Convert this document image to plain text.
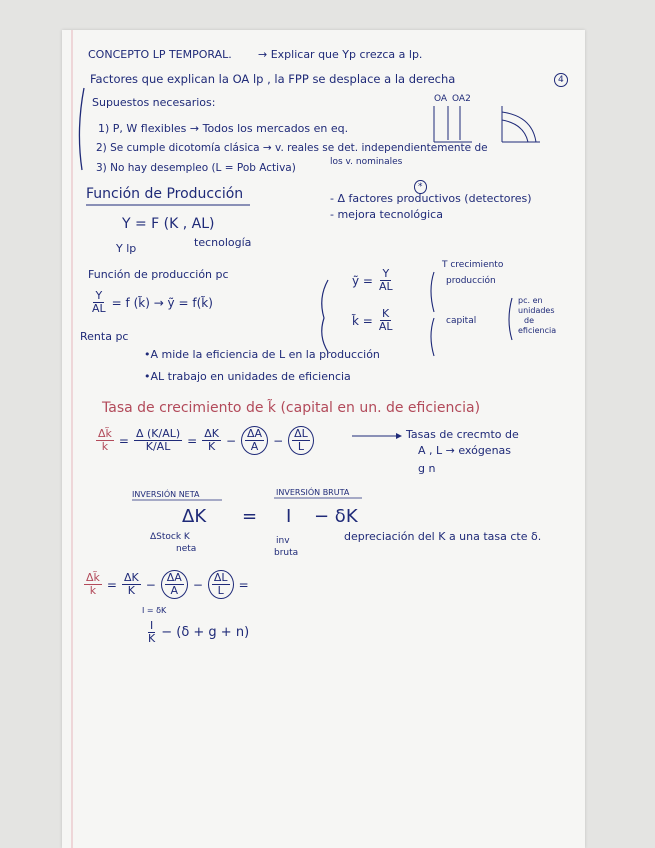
CONCEPTO LP TEMPORAL. → Explicar que Yp crezca a lp.
Factores que explican la OA lp , la FPP se desplace a la derecha	4
Supuestos necesarios:	OA OA2
1) P, W flexibles → Todos los mercados en eq.
2) Se cumple dicotomía clásica → v. reales se det. independientemente de
los v. nominales
3) No hay desempleo (L = Pob Activa)
Función de Producción	*
- Δ factores productivos (detectores)
- mejora tecnológica
Y = F (K , AL)
Y lp	tecnología
Función de producción pc
$\frac{Y}{AL} = f$ (k̃) → ỹ = f(k̃)
Renta pc
ỹ = $\frac{Y}{AL}$
k̃ = $\frac{K}{AL}$
T crecimiento
producción
capital
pc. en
unidades
de
eficiencia
•A mide la eficiencia de L en la producción
•AL trabajo en unidades de eficiencia
Tasa de crecimiento de k̃ (capital en un. de eficiencia)
$\frac{\Delta k̃}{k̃} = \frac{\Delta (K/AL)}{K/AL} = \frac{\Delta K}{K} - \frac{\Delta A}{A} - \frac{\Delta L}{L}$	Tasas de crecmto de
A , L → exógenas
g n
INVERSIÓN NETA	INVERSIÓN BRUTA
ΔK = I − δK
ΔStock K
neta
inv
bruta
depreciación del K a una tasa cte δ.
$\frac{\Delta k̃}{k̃} = \frac{\Delta K}{K} - \frac{\Delta A}{A} - \frac{\Delta L}{L}$ =
I = δK
$\frac{I}{K} - (\delta + g + n)$
